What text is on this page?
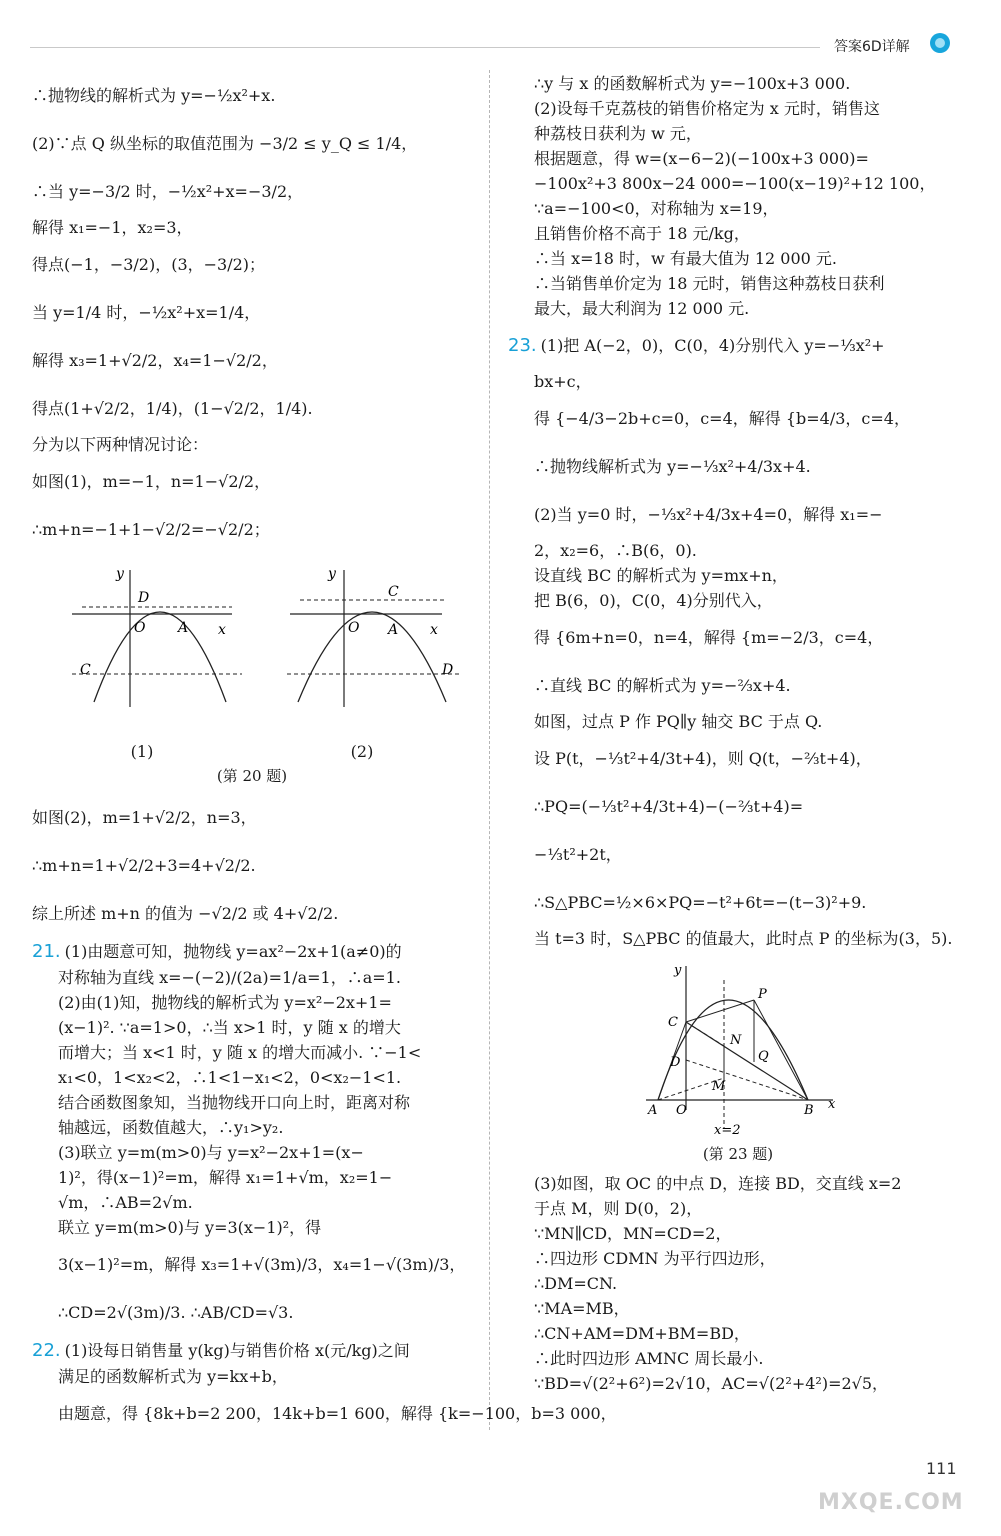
答案6D详解
∴抛物线的解析式为 y=−½x²+x.
(2)∵点 Q 纵坐标的取值范围为 −3/2 ≤ y_Q ≤ 1/4，
∴当 y=−3/2 时，−½x²+x=−3/2，
解得 x₁=−1，x₂=3，
得点(−1，−3/2)，(3，−3/2)；
当 y=1/4 时，−½x²+x=1/4，
解得 x₃=1+√2/2，x₄=1−√2/2，
得点(1+√2/2，1/4)，(1−√2/2，1/4).
分为以下两种情况讨论：
如图(1)，m=−1，n=1−√2/2，
∴m+n=−1+1−√2/2=−√2/2；
y
D
O A x
C
y
C
O A x
D
(1)	(2)
(第 20 题)
如图(2)，m=1+√2/2，n=3，
∴m+n=1+√2/2+3=4+√2/2.
综上所述 m+n 的值为 −√2/2 或 4+√2/2.
21. (1)由题意可知，抛物线 y=ax²−2x+1(a≠0)的
对称轴为直线 x=−(−2)/(2a)=1/a=1，∴a=1.
(2)由(1)知，抛物线的解析式为 y=x²−2x+1=
(x−1)². ∵a=1>0，∴当 x>1 时，y 随 x 的增大
而增大；当 x<1 时，y 随 x 的增大而减小. ∵−1<
x₁<0，1<x₂<2，∴1<1−x₁<2，0<x₂−1<1.
结合函数图象知，当抛物线开口向上时，距离对称
轴越远，函数值越大，∴y₁>y₂.
(3)联立 y=m(m>0)与 y=x²−2x+1=(x−
1)²，得(x−1)²=m，解得 x₁=1+√m，x₂=1−
√m，∴AB=2√m.
联立 y=m(m>0)与 y=3(x−1)²，得
3(x−1)²=m，解得 x₃=1+√(3m)/3，x₄=1−√(3m)/3，
∴CD=2√(3m)/3. ∴AB/CD=√3.
22. (1)设每日销售量 y(kg)与销售价格 x(元/kg)之间
满足的函数解析式为 y=kx+b，
由题意，得 {8k+b=2 200，14k+b=1 600，解得 {k=−100，b=3 000，
∴y 与 x 的函数解析式为 y=−100x+3 000.
(2)设每千克荔枝的销售价格定为 x 元时，销售这
种荔枝日获利为 w 元，
根据题意，得 w=(x−6−2)(−100x+3 000)=
−100x²+3 800x−24 000=−100(x−19)²+12 100，
∵a=−100<0，对称轴为 x=19，
且销售价格不高于 18 元/kg，
∴当 x=18 时，w 有最大值为 12 000 元.
∴当销售单价定为 18 元时，销售这种荔枝日获利
最大，最大利润为 12 000 元.
23. (1)把 A(−2，0)，C(0，4)分别代入 y=−⅓x²+
bx+c，
得 {−4/3−2b+c=0，c=4，解得 {b=4/3，c=4，
∴抛物线解析式为 y=−⅓x²+4/3x+4.
(2)当 y=0 时，−⅓x²+4/3x+4=0，解得 x₁=−
2，x₂=6，∴B(6，0).
设直线 BC 的解析式为 y=mx+n，
把 B(6，0)，C(0，4)分别代入，
得 {6m+n=0，n=4，解得 {m=−2/3，c=4，
∴直线 BC 的解析式为 y=−⅔x+4.
如图，过点 P 作 PQ∥y 轴交 BC 于点 Q.
设 P(t，−⅓t²+4/3t+4)，则 Q(t，−⅔t+4)，
∴PQ=(−⅓t²+4/3t+4)−(−⅔t+4)=
−⅓t²+2t，
∴S△PBC=½×6×PQ=−t²+6t=−(t−3)²+9.
当 t=3 时，S△PBC 的值最大，此时点 P 的坐标为(3，5).
y
C
P
N
Q
D
M
A O	B x
x=2
(第 23 题)
(3)如图，取 OC 的中点 D，连接 BD，交直线 x=2
于点 M，则 D(0，2)，
∵MN∥CD，MN=CD=2，
∴四边形 CDMN 为平行四边形，
∴DM=CN.
∵MA=MB，
∴CN+AM=DM+BM=BD，
∴此时四边形 AMNC 周长最小.
∵BD=√(2²+6²)=2√10，AC=√(2²+4²)=2√5，
111
MXQE.COM
